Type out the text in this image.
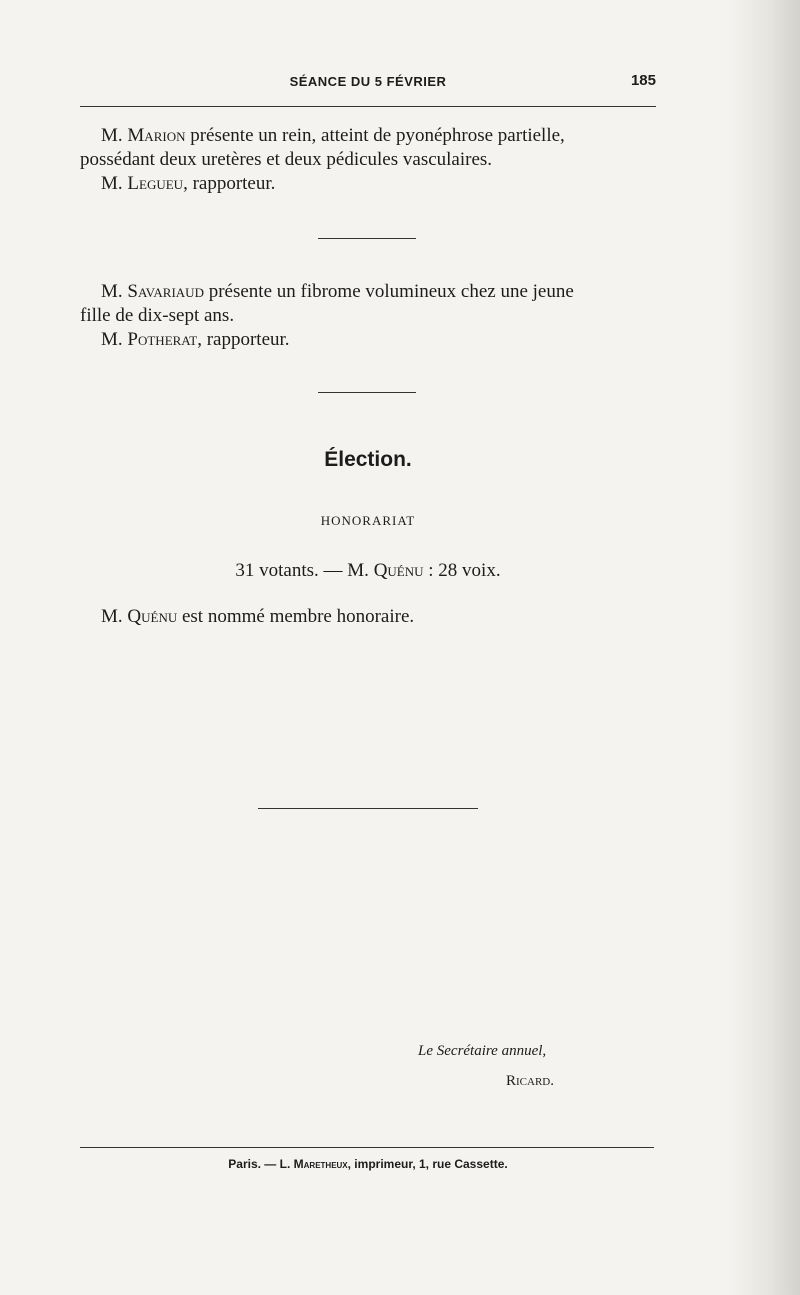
SÉANCE DU 5 FÉVRIER	185

M. Marion présente un rein, atteint de pyonéphrose partielle,
possédant deux uretères et deux pédicules vasculaires.
M. Legueu, rapporteur.

M. Savariaud présente un fibrome volumineux chez une jeune
fille de dix-sept ans.
M. Potherat, rapporteur.

Élection.
HONORARIAT
31 votants. — M. Quénu : 28 voix.
M. Quénu est nommé membre honoraire.
Le Secrétaire annuel,
Ricard.
Paris. — L. Maretheux, imprimeur, 1, rue Cassette.
